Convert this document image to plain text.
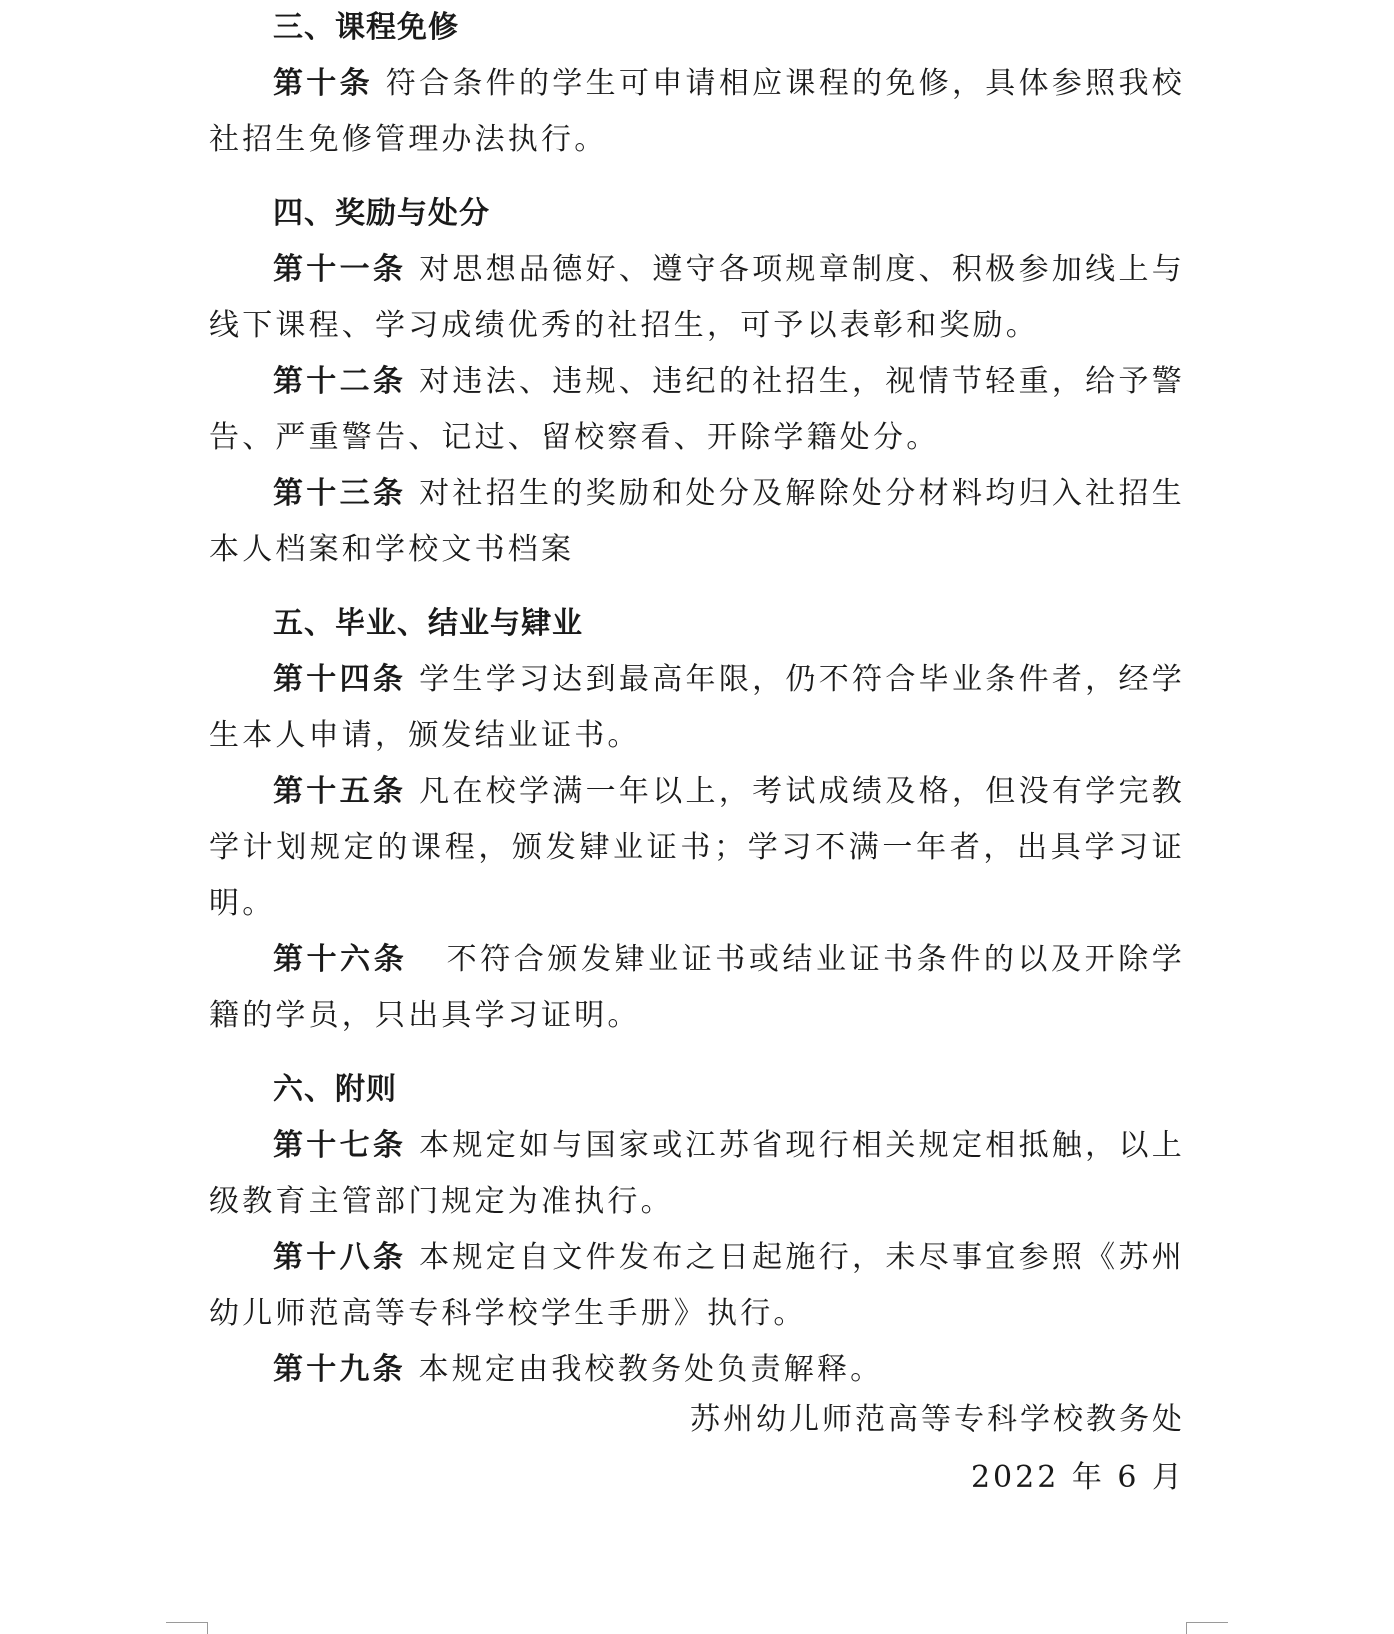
三、课程免修

第十条 符合条件的学生可申请相应课程的免修，具体参照我校社招生免修管理办法执行。

四、奖励与处分

第十一条 对思想品德好、遵守各项规章制度、积极参加线上与线下课程、学习成绩优秀的社招生，可予以表彰和奖励。

第十二条 对违法、违规、违纪的社招生，视情节轻重，给予警告、严重警告、记过、留校察看、开除学籍处分。

第十三条 对社招生的奖励和处分及解除处分材料均归入社招生本人档案和学校文书档案

五、毕业、结业与肄业

第十四条 学生学习达到最高年限，仍不符合毕业条件者，经学生本人申请，颁发结业证书。

第十五条 凡在校学满一年以上，考试成绩及格，但没有学完教学计划规定的课程，颁发肄业证书；学习不满一年者，出具学习证明。

第十六条 不符合颁发肄业证书或结业证书条件的以及开除学籍的学员，只出具学习证明。

六、附则

第十七条 本规定如与国家或江苏省现行相关规定相抵触，以上级教育主管部门规定为准执行。

第十八条 本规定自文件发布之日起施行，未尽事宜参照《苏州幼儿师范高等专科学校学生手册》执行。

第十九条 本规定由我校教务处负责解释。

苏州幼儿师范高等专科学校教务处
2022 年 6 月
